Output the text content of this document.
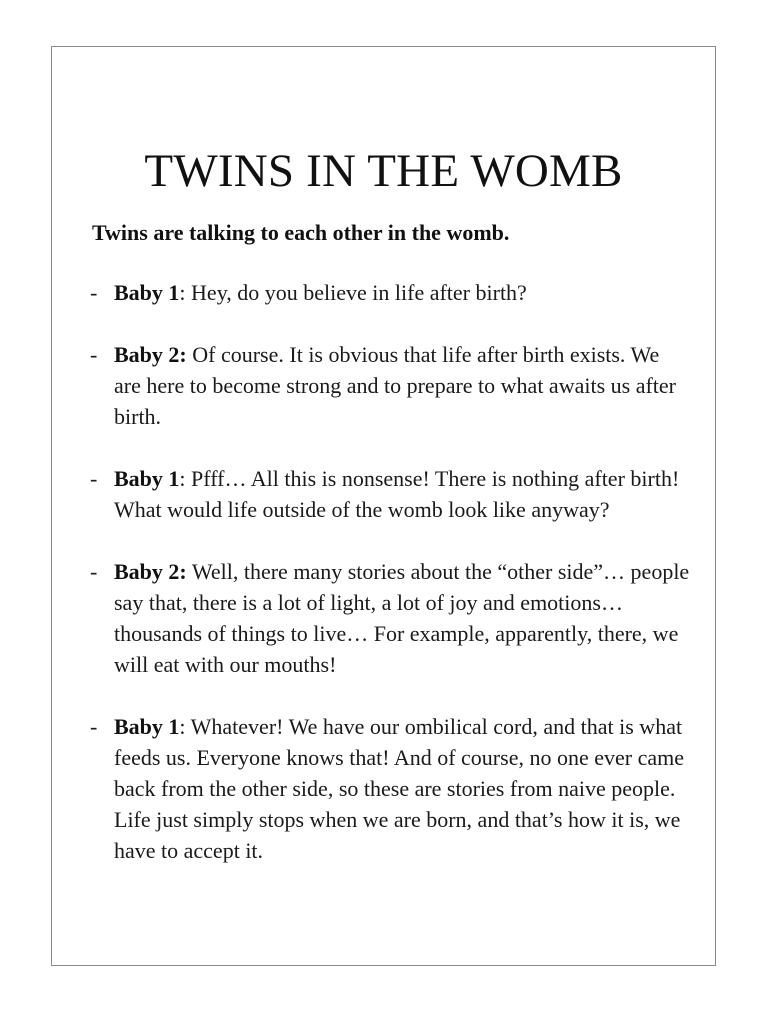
TWINS IN THE WOMB

Twins are talking to each other in the womb.

- Baby 1: Hey, do you believe in life after birth?
- Baby 2: Of course. It is obvious that life after birth exists. We are here to become strong and to prepare to what awaits us after birth.
- Baby 1: Pfff… All this is nonsense! There is nothing after birth! What would life outside of the womb look like anyway?
- Baby 2: Well, there many stories about the “other side”… people say that, there is a lot of light, a lot of joy and emotions… thousands of things to live… For example, apparently, there, we will eat with our mouths!
- Baby 1: Whatever! We have our ombilical cord, and that is what feeds us. Everyone knows that! And of course, no one ever came back from the other side, so these are stories from naive people. Life just simply stops when we are born, and that’s how it is, we have to accept it.
